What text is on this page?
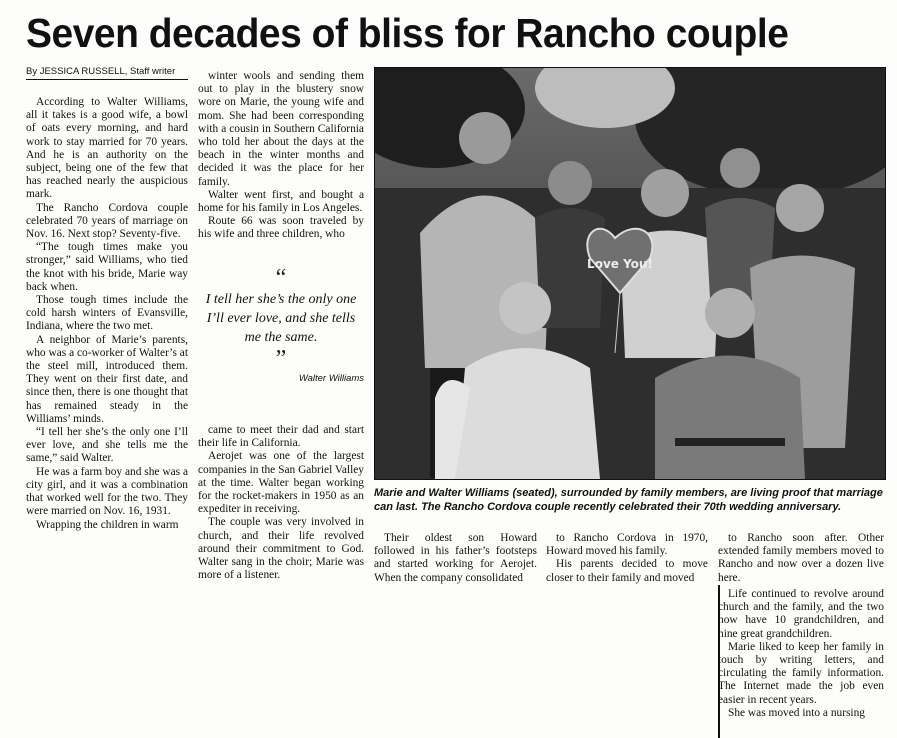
Seven decades of bliss for Rancho couple
By JESSICA RUSSELL, Staff writer

According to Walter Williams, all it takes is a good wife, a bowl of oats every morning, and hard work to stay married for 70 years. And he is an authority on the subject, being one of the few that has reached nearly the auspicious mark.

The Rancho Cordova couple celebrated 70 years of marriage on Nov. 16. Next stop? Seventy-five.

“The tough times make you stronger,” said Williams, who tied the knot with his bride, Marie way back when.

Those tough times include the cold harsh winters of Evansville, Indiana, where the two met.

A neighbor of Marie’s parents, who was a co-worker of Walter’s at the steel mill, introduced them. They went on their first date, and since then, there is one thought that has remained steady in the Williams’ minds.

“I tell her she’s the only one I’ll ever love, and she tells me the same,” said Walter.

He was a farm boy and she was a city girl, and it was a combination that worked well for the two. They were married on Nov. 16, 1931.

Wrapping the children in warm

winter wools and sending them out to play in the blustery snow wore on Marie, the young wife and mom. She had been corresponding with a cousin in Southern California who told her about the days at the beach in the winter months and decided it was the place for her family.

Walter went first, and bought a home for his family in Los Angeles.

Route 66 was soon traveled by his wife and three children, who

“
I tell her she’s the only one I’ll ever love, and she tells me the same.
”
Walter Williams

came to meet their dad and start their life in California.

Aerojet was one of the largest companies in the San Gabriel Valley at the time. Walter began working for the rocket-makers in 1950 as an expediter in receiving.

The couple was very involved in church, and their life revolved around their commitment to God. Walter sang in the choir; Marie was more of a listener.

Love You!
Marie and Walter Williams (seated), surrounded by family members, are living proof that marriage can last. The Rancho Cordova couple recently celebrated their 70th wedding anniversary.

Their oldest son Howard followed in his father’s footsteps and started working for Aerojet. When the company consolidated

to Rancho Cordova in 1970, Howard moved his family.

His parents decided to move closer to their family and moved

to Rancho soon after. Other extended family members moved to Rancho and now over a dozen live here.

Life continued to revolve around church and the family, and the two now have 10 grandchildren, and nine great grandchildren.

Marie liked to keep her family in touch by writing letters, and circulating the family information. The Internet made the job even easier in recent years.

She was moved into a nursing
